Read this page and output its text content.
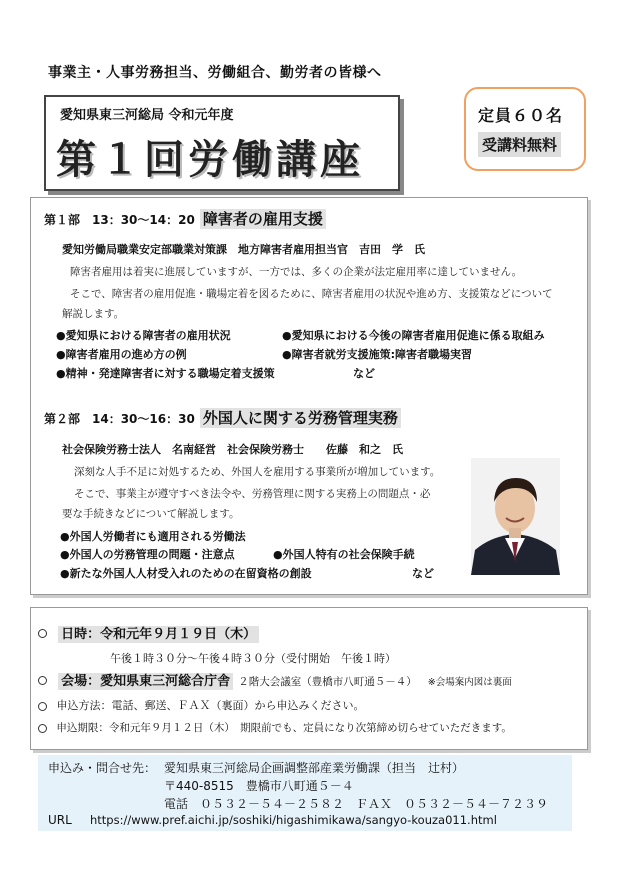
事業主・人事労務担当、労働組合、勤労者の皆様へ
愛知県東三河総局 令和元年度
第１回労働講座
定員６０名
受講料無料
第１部　13：30〜14：20 障害者の雇用支援
愛知労働局職業安定部職業対策課　地方障害者雇用担当官　吉田　学　氏
障害者雇用は着実に進展していますが、一方では、多くの企業が法定雇用率に達していません。
そこで、障害者の雇用促進・職場定着を図るために、障害者雇用の状況や進め方、支援策などについて
解説します。
●愛知県における障害者の雇用状況	●愛知県における今後の障害者雇用促進に係る取組み
●障害者雇用の進め方の例	●障害者就労支援施策:障害者職場実習
●精神・発達障害者に対する職場定着支援策	など
第２部　14：30〜16：30 外国人に関する労務管理実務
社会保険労務士法人　名南経営　社会保険労務士　　佐藤　和之　氏
深刻な人手不足に対処するため、外国人を雇用する事業所が増加しています。
そこで、事業主が遵守すべき法令や、労務管理に関する実務上の問題点・必
要な手続きなどについて解説します。
●外国人労働者にも適用される労働法
●外国人の労務管理の問題・注意点	●外国人特有の社会保険手続
●新たな外国人人材受入れのための在留資格の創設	など
日時：令和元年９月１９日（木）
午後１時３０分〜午後４時３０分（受付開始　午後１時）
会場：愛知県東三河総合庁舎 ２階大会議室（豊橋市八町通５－４） ※会場案内図は裏面
申込方法：電話、郵送、ＦＡＸ（裏面）から申込みください。
申込期限：令和元年９月１２日（木）　期限前でも、定員になり次第締め切らせていただきます。
申込み・問合せ先： 愛知県東三河総局企画調整部産業労働課（担当　辻村）
〒440-8515　豊橋市八町通５－４
電話　０５３２－５４－２５８２　ＦＡＸ　０５３２－５４－７２３９
URL https://www.pref.aichi.jp/soshiki/higashimikawa/sangyo-kouza011.html
